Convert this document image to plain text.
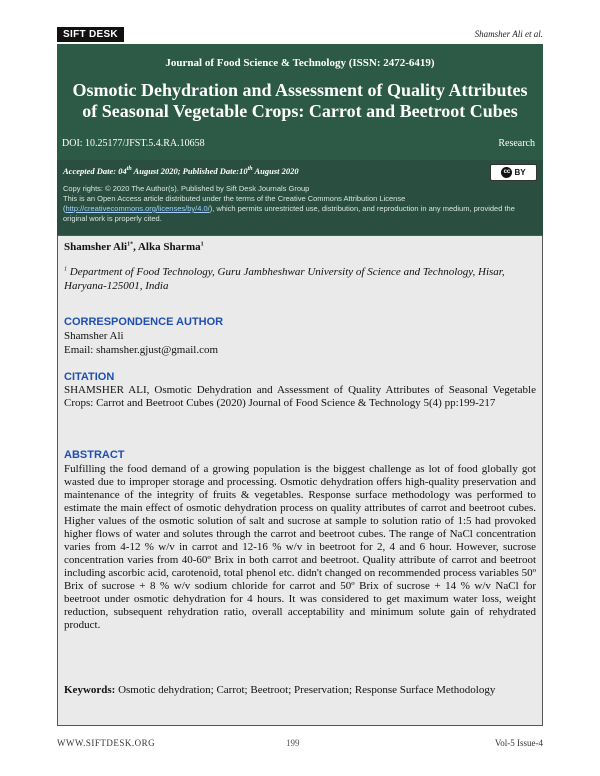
SIFT DESK	Shamsher Ali et al.
Journal of Food Science & Technology (ISSN: 2472-6419)
Osmotic Dehydration and Assessment of Quality Attributes of Seasonal Vegetable Crops: Carrot and Beetroot Cubes
DOI: 10.25177/JFST.5.4.RA.10658	Research
Accepted Date: 04th August 2020; Published Date:10th August 2020	cc BY
Copy rights: © 2020 The Author(s). Published by Sift Desk Journals Group
This is an Open Access article distributed under the terms of the Creative Commons Attribution License
(http://creativecommons.org/licenses/by/4.0/), which permits unrestricted use, distribution, and reproduction in any medium, provided the original work is properly cited.
Shamsher Ali$^{1*}$, Alka Sharma$^1$
$^1$ Department of Food Technology, Guru Jambheshwar University of Science and Technology, Hisar, Haryana-125001, India
CORRESPONDENCE AUTHOR
Shamsher Ali
Email: shamsher.gjust@gmail.com
CITATION
SHAMSHER ALI, Osmotic Dehydration and Assessment of Quality Attributes of Seasonal Vegetable Crops: Carrot and Beetroot Cubes (2020) Journal of Food Science & Technology 5(4) pp:199-217
ABSTRACT
Fulfilling the food demand of a growing population is the biggest challenge as lot of food globally got wasted due to improper storage and processing. Osmotic dehydration offers high-quality preservation and maintenance of the integrity of fruits & vegetables. Response surface methodology was performed to estimate the main effect of osmotic dehydration process on quality attributes of carrot and beetroot cubes. Higher values of the osmotic solution of salt and sucrose at sample to solution ratio of 1:5 had provoked higher flows of water and solutes through the carrot and beetroot cubes. The range of NaCl concentration varies from 4-12 % w/v in carrot and 12-16 % w/v in beetroot for 2, 4 and 6 hour. However, sucrose concentration varies from 40-60º Brix in both carrot and beetroot. Quality attribute of carrot and beetroot including ascorbic acid, carotenoid, total phenol etc. didn't changed on recommended process variables 50º Brix of sucrose + 8 % w/v sodium chloride for carrot and 50º Brix of sucrose + 14 % w/v NaCl for beetroot under osmotic dehydration for 4 hours. It was considered to get maximum water loss, weight reduction, subsequent rehydration ratio, overall acceptability and minimum solute gain of rehydrated product.
Keywords: Osmotic dehydration; Carrot; Beetroot; Preservation; Response Surface Methodology
WWW.SIFTDESK.ORG	199	Vol-5 Issue-4
